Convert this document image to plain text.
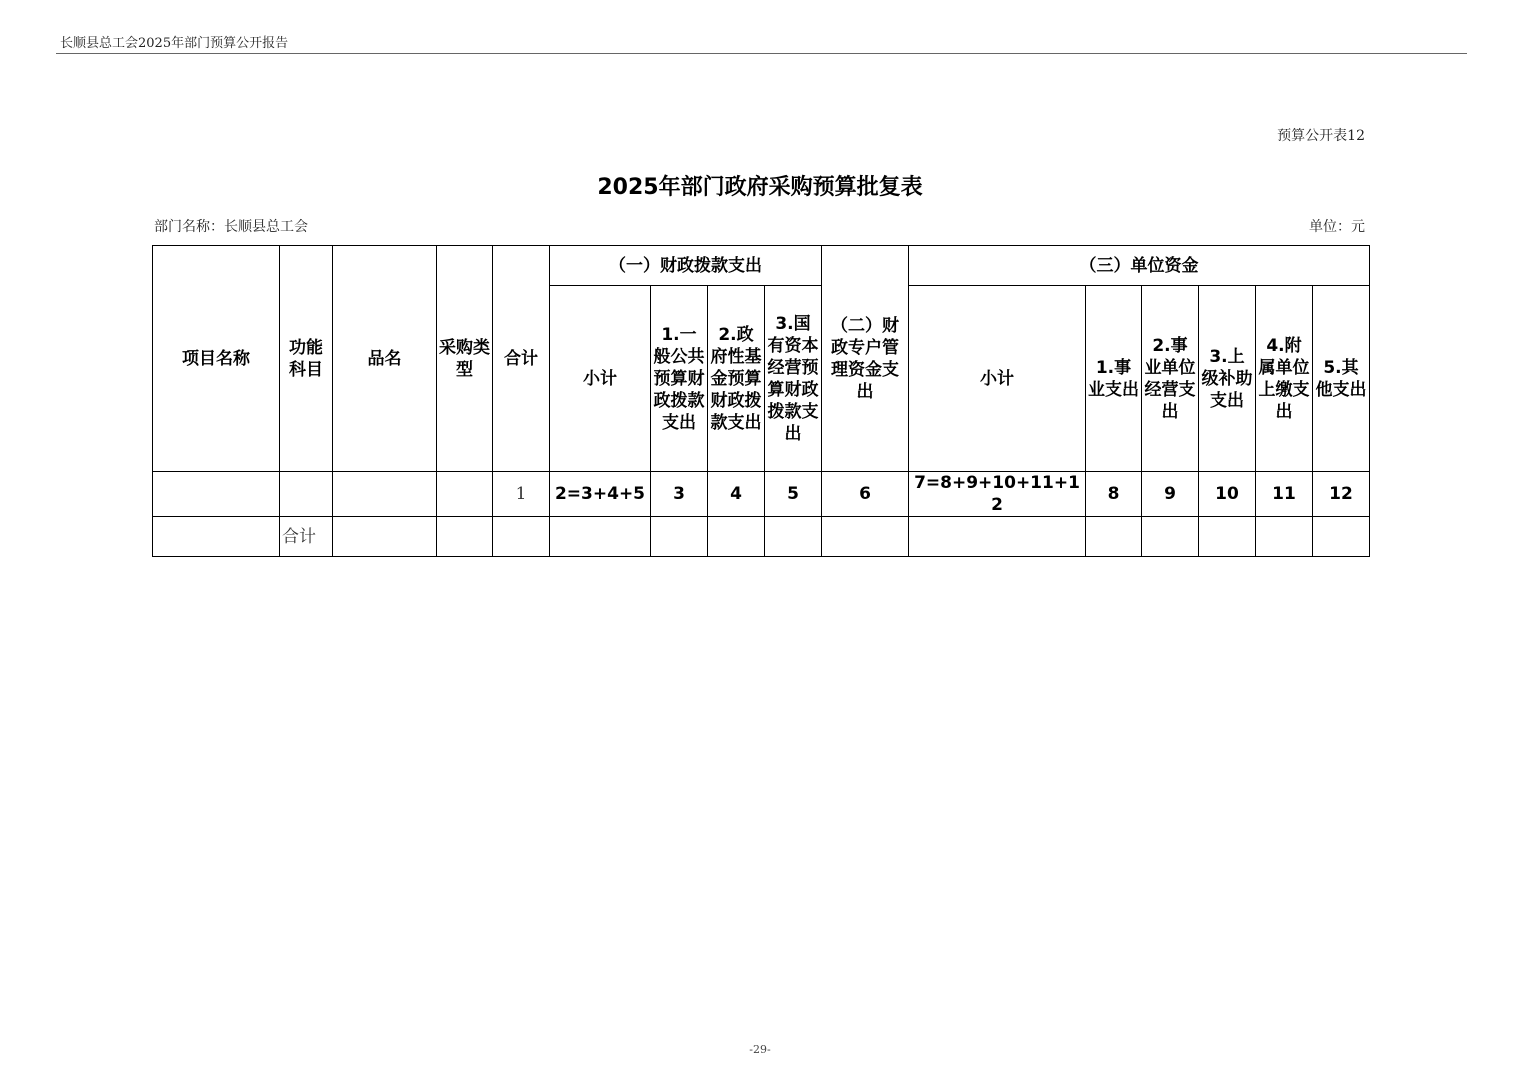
长顺县总工会2025年部门预算公开报告
预算公开表12
2025年部门政府采购预算批复表
部门名称：长顺县总工会	单位：元
项目名称	功能科目	品名	采购类型	合计	（一）财政拨款支出				（二）财政专户管理资金支出	（三）单位资金					
					小计	1.一般公共预算财政拨款支出	2.政府性基金预算财政拨款支出	3.国有资本经营预算财政拨款支出		小计	1.事业支出	2.事业单位经营支出	3.上级补助支出	4.附属单位上缴支出	5.其他支出
				1	2=3+4+5	3	4	5	6	7=8+9+10+11+12	8	9	10	11	12
	合计														
-29-
